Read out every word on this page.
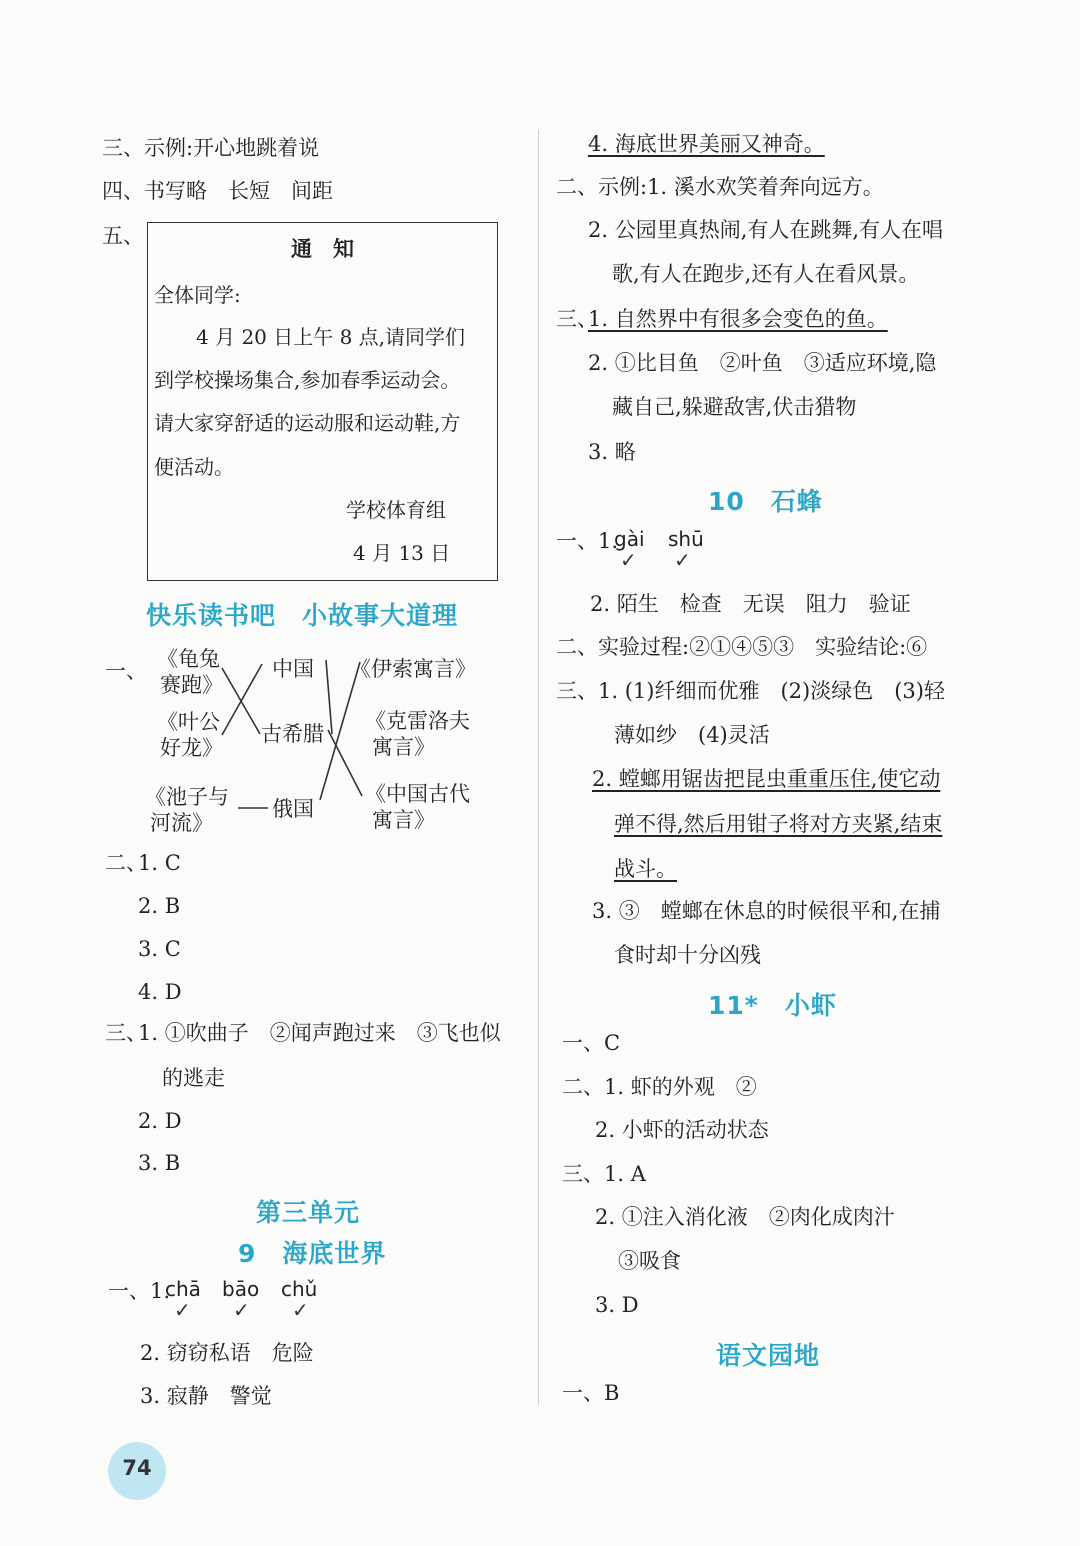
三、示例:开心地跳着说
四、书写略　长短　间距
五、	通　知
全体同学:
4 月 20 日上午 8 点,请同学们
到学校操场集合,参加春季运动会。
请大家穿舒适的运动服和运动鞋,方
便活动。
学校体育组
4 月 13 日
快乐读书吧　小故事大道理
一、 《龟兔
赛跑》
《叶公
好龙》
《池子与
河流》
中国
古希腊
俄国
《伊索寓言》
《克雷洛夫
寓言》
《中国古代
寓言》
二、
1. C
2. B
3. C
4. D
三、
1. ①吹曲子　②闻声跑过来　③飞也似
的逃走
2. D
3. B
第三单元
9　海底世界
一、1.
chā bāo chǔ
✓ ✓ ✓
2. 窃窃私语　危险
3. 寂静　警觉
4. 海底世界美丽又神奇。
二、示例:1. 溪水欢笑着奔向远方。
2. 公园里真热闹,有人在跳舞,有人在唱
歌,有人在跑步,还有人在看风景。
三、
1. 自然界中有很多会变色的鱼。
2. ①比目鱼　②叶鱼　③适应环境,隐
藏自己,躲避敌害,伏击猎物
3. 略
10　石蜂
一、1.
gài shū
✓ ✓
2. 陌生　检查　无误　阻力　验证
二、实验过程:②①④⑤③　实验结论:⑥
三、1. (1)纤细而优雅　(2)淡绿色　(3)轻
薄如纱　(4)灵活
2. 螳螂用锯齿把昆虫重重压住,使它动
弹不得,然后用钳子将对方夹紧,结束
战斗。
3. ③　螳螂在休息的时候很平和,在捕
食时却十分凶残
11*　小虾
一、C
二、1. 虾的外观　②
2. 小虾的活动状态
三、1. A
2. ①注入消化液　②肉化成肉汁
③吸食
3. D
语文园地
一、B
74
